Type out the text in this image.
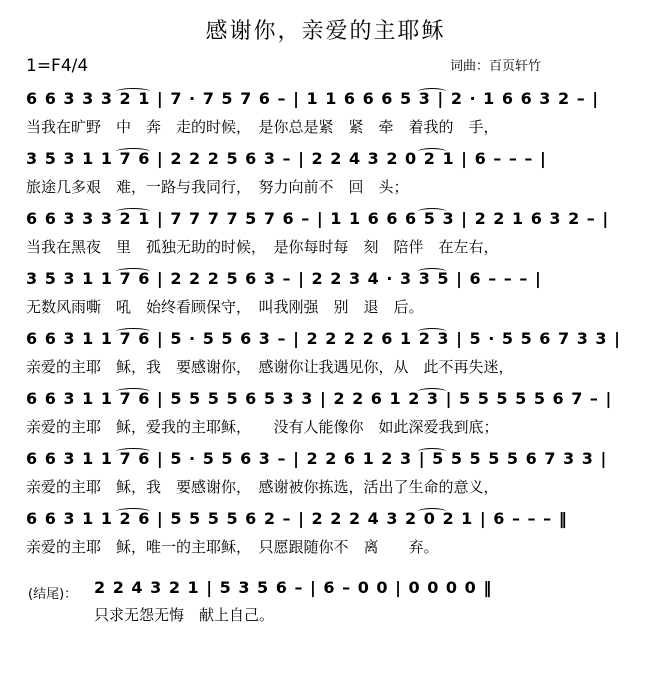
感谢你，亲爱的主耶稣
1=F4/4	词曲：百页轩竹
6 6 3 3 3 2 1 | 7 · 7 5 7 6 – | 1 1 6 6 6 5 3 | 2 · 1 6 6 3 2 – |
当我在旷野　中　奔　走的时候，　是你总是紧　紧　牵　着我的　手，
3 5 3 1 1 7 6 | 2 2 2 5 6 3 – | 2 2 4 3 2 0 2 1 | 6 – – – |
旅途几多艰　难，一路与我同行，　努力向前不　回　头；
6 6 3 3 3 2 1 | 7 7 7 7 5 7 6 – | 1 1 6 6 6 5 3 | 2 2 1 6 3 2 – |
当我在黑夜　里　孤独无助的时候，　是你每时每　刻　陪伴　在左右，
3 5 3 1 1 7 6 | 2 2 2 5 6 3 – | 2 2 3 4 · 3 3 5 | 6 – – – |
无数风雨嘶　吼　始终看顾保守，　叫我刚强　别　退　后。
6 6 3 1 1 7 6 | 5 · 5 5 6 3 – | 2 2 2 2 6 1 2 3 | 5 · 5 5 6 7 3 3 |
亲爱的主耶　稣，我　要感谢你，　感谢你让我遇见你，从　此不再失迷，
6 6 3 1 1 7 6 | 5 5 5 5 6 5 3 3 | 2 2 6 1 2 3 | 5 5 5 5 5 6 7 – |
亲爱的主耶　稣，爱我的主耶稣，　　没有人能像你　如此深爱我到底；
6 6 3 1 1 7 6 | 5 · 5 5 6 3 – | 2 2 6 1 2 3 | 5 5 5 5 5 6 7 3 3 |
亲爱的主耶　稣，我　要感谢你，　感谢被你拣选，活出了生命的意义，
6 6 3 1 1 2 6 | 5 5 5 5 6 2 – | 2 2 2 4 3 2 0 2 1 | 6 – – – ‖
亲爱的主耶　稣，唯一的主耶稣，　只愿跟随你不　离　　弃。
(结尾)： 2 2 4 3 2 1 | 5 3 5 6 – | 6 – 0 0 | 0 0 0 0 ‖
只求无怨无悔　献上自己。
